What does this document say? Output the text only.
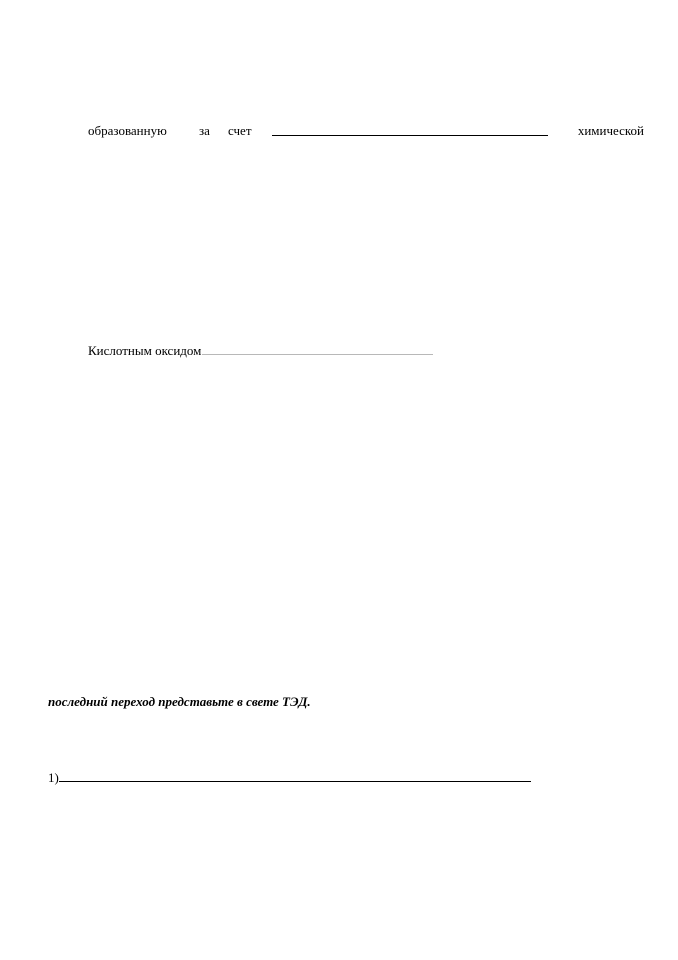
образованную за счет	химической
Кислотным оксидом
последний переход представьте в свете ТЭД.
1)
